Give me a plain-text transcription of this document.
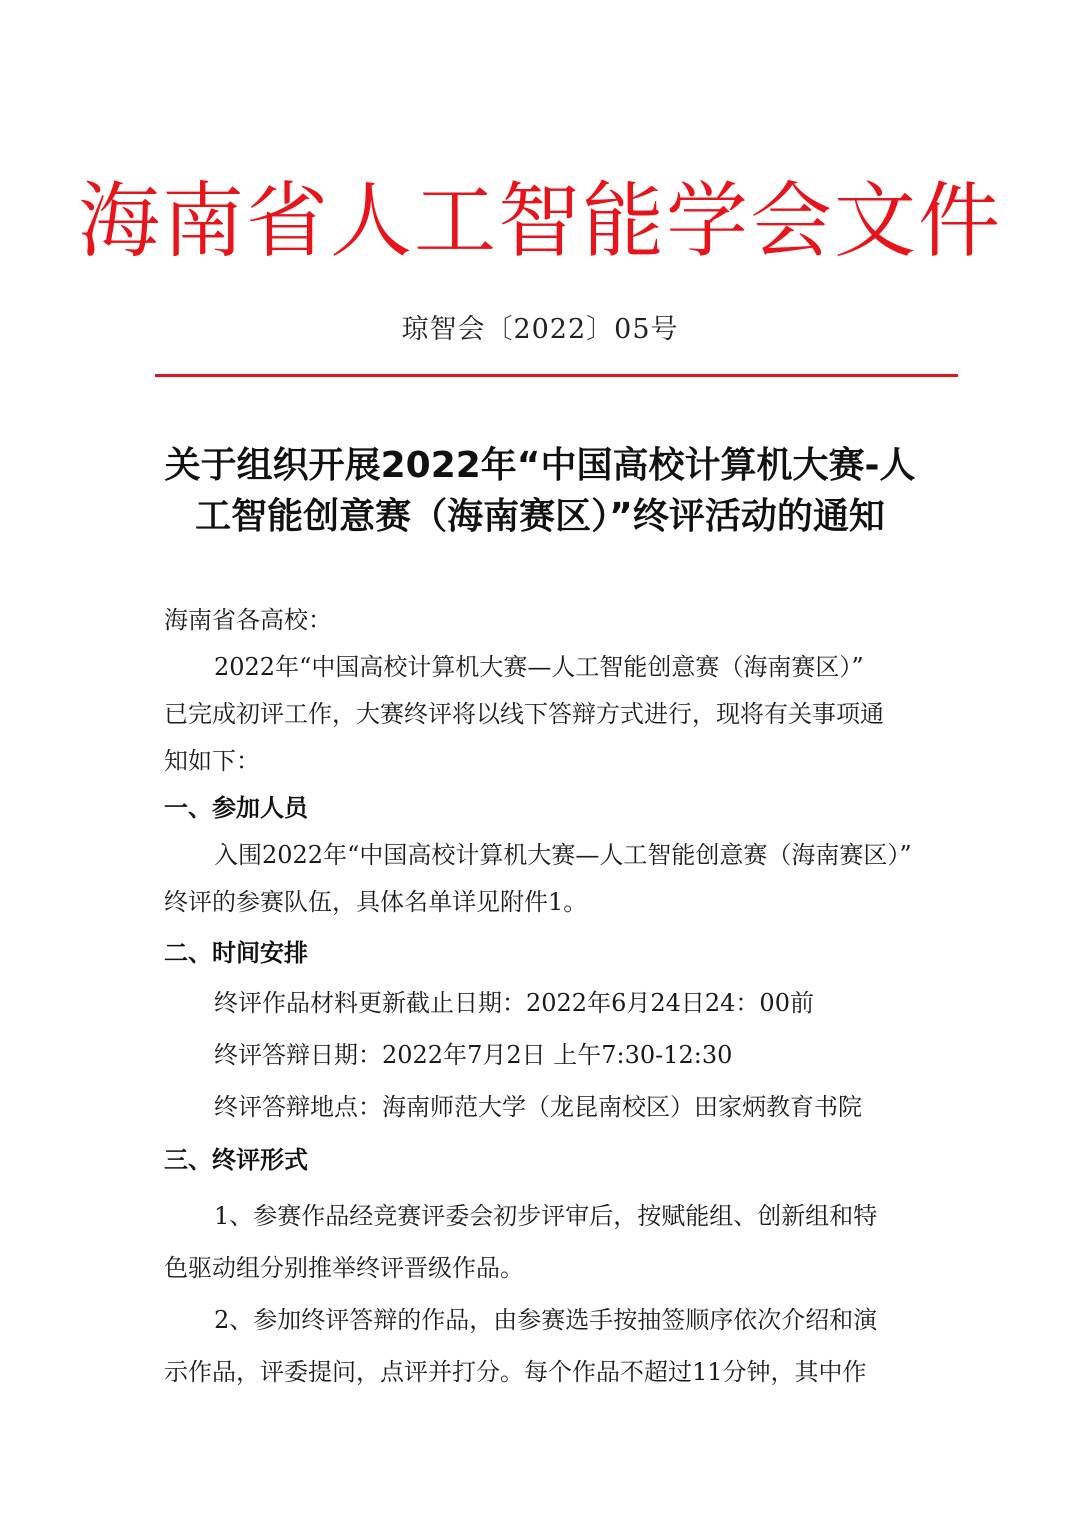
海南省人工智能学会文件
琼智会〔2022〕05号
关于组织开展2022年“中国高校计算机大赛-人
工智能创意赛（海南赛区）”终评活动的通知

海南省各高校：

2022年“中国高校计算机大赛—人工智能创意赛（海南赛区）”

已完成初评工作，大赛终评将以线下答辩方式进行，现将有关事项通

知如下：

一、参加人员

入围2022年“中国高校计算机大赛—人工智能创意赛（海南赛区）”

终评的参赛队伍，具体名单详见附件1。

二、时间安排

终评作品材料更新截止日期：2022年6月24日24：00前

终评答辩日期：2022年7月2日 上午7:30-12:30

终评答辩地点：海南师范大学（龙昆南校区）田家炳教育书院

三、终评形式

1、参赛作品经竞赛评委会初步评审后，按赋能组、创新组和特

色驱动组分别推举终评晋级作品。

2、参加终评答辩的作品，由参赛选手按抽签顺序依次介绍和演

示作品，评委提问，点评并打分。每个作品不超过11分钟，其中作
